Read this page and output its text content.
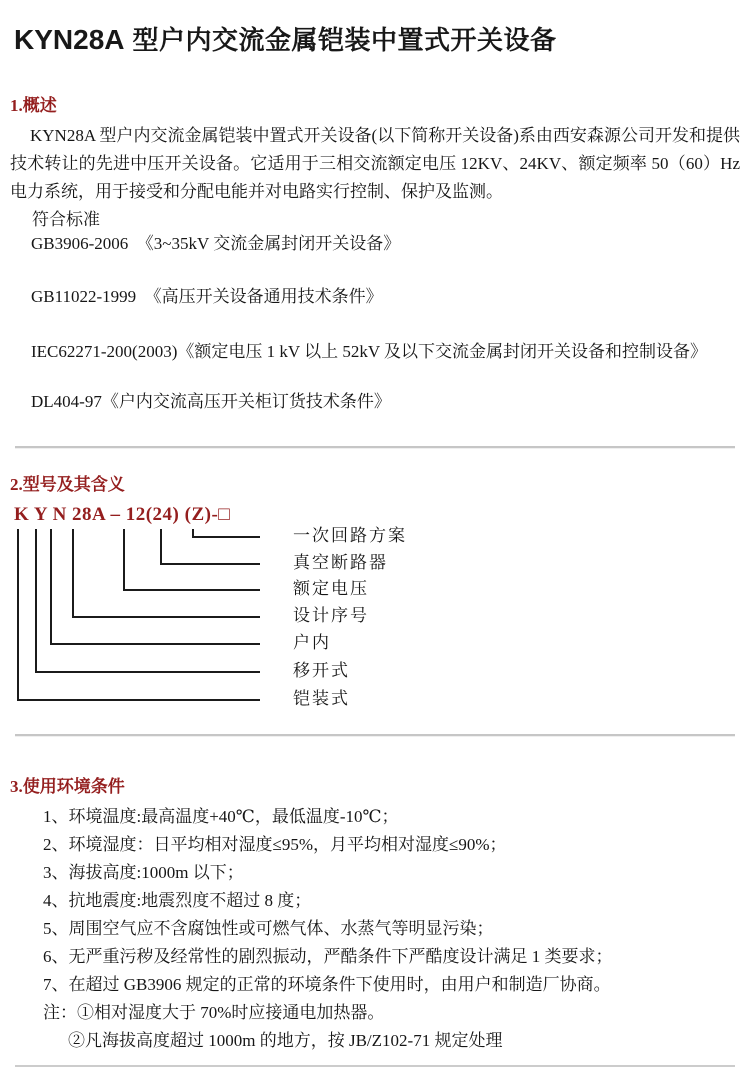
KYN28A 型户内交流金属铠装中置式开关设备
1.概述

KYN28A 型户内交流金属铠装中置式开关设备(以下简称开关设备)系由西安森源公司开发和提供技术转让的先进中压开关设备。它适用于三相交流额定电压 12KV、24KV、额定频率 50（60）Hz 电力系统，用于接受和分配电能并对电路实行控制、保护及监测。

符合标准

GB3906-2006　《3~35kV 交流金属封闭开关设备》

GB11022-1999　《高压开关设备通用技术条件》

IEC62271-200(2003)《额定电压 1 kV 以上 52kV 及以下交流金属封闭开关设备和控制设备》

DL404-97《户内交流高压开关柜订货技术条件》

2.型号及其含义

K Y N 28A – 12(24) (Z)-□

一次回路方案
真空断路器
额定电压
设计序号
户内
移开式
铠装式
3.使用环境条件

1、环境温度:最高温度+40℃，最低温度-10℃；

2、环境湿度：日平均相对湿度≤95%，月平均相对湿度≤90%；

3、海拔高度:1000m 以下；

4、抗地震度:地震烈度不超过 8 度；

5、周围空气应不含腐蚀性或可燃气体、水蒸气等明显污染；

6、无严重污秽及经常性的剧烈振动，严酷条件下严酷度设计满足 1 类要求；

7、在超过 GB3906 规定的正常的环境条件下使用时，由用户和制造厂协商。

注：①相对湿度大于 70%时应接通电加热器。

②凡海拔高度超过 1000m 的地方，按 JB/Z102-71 规定处理
